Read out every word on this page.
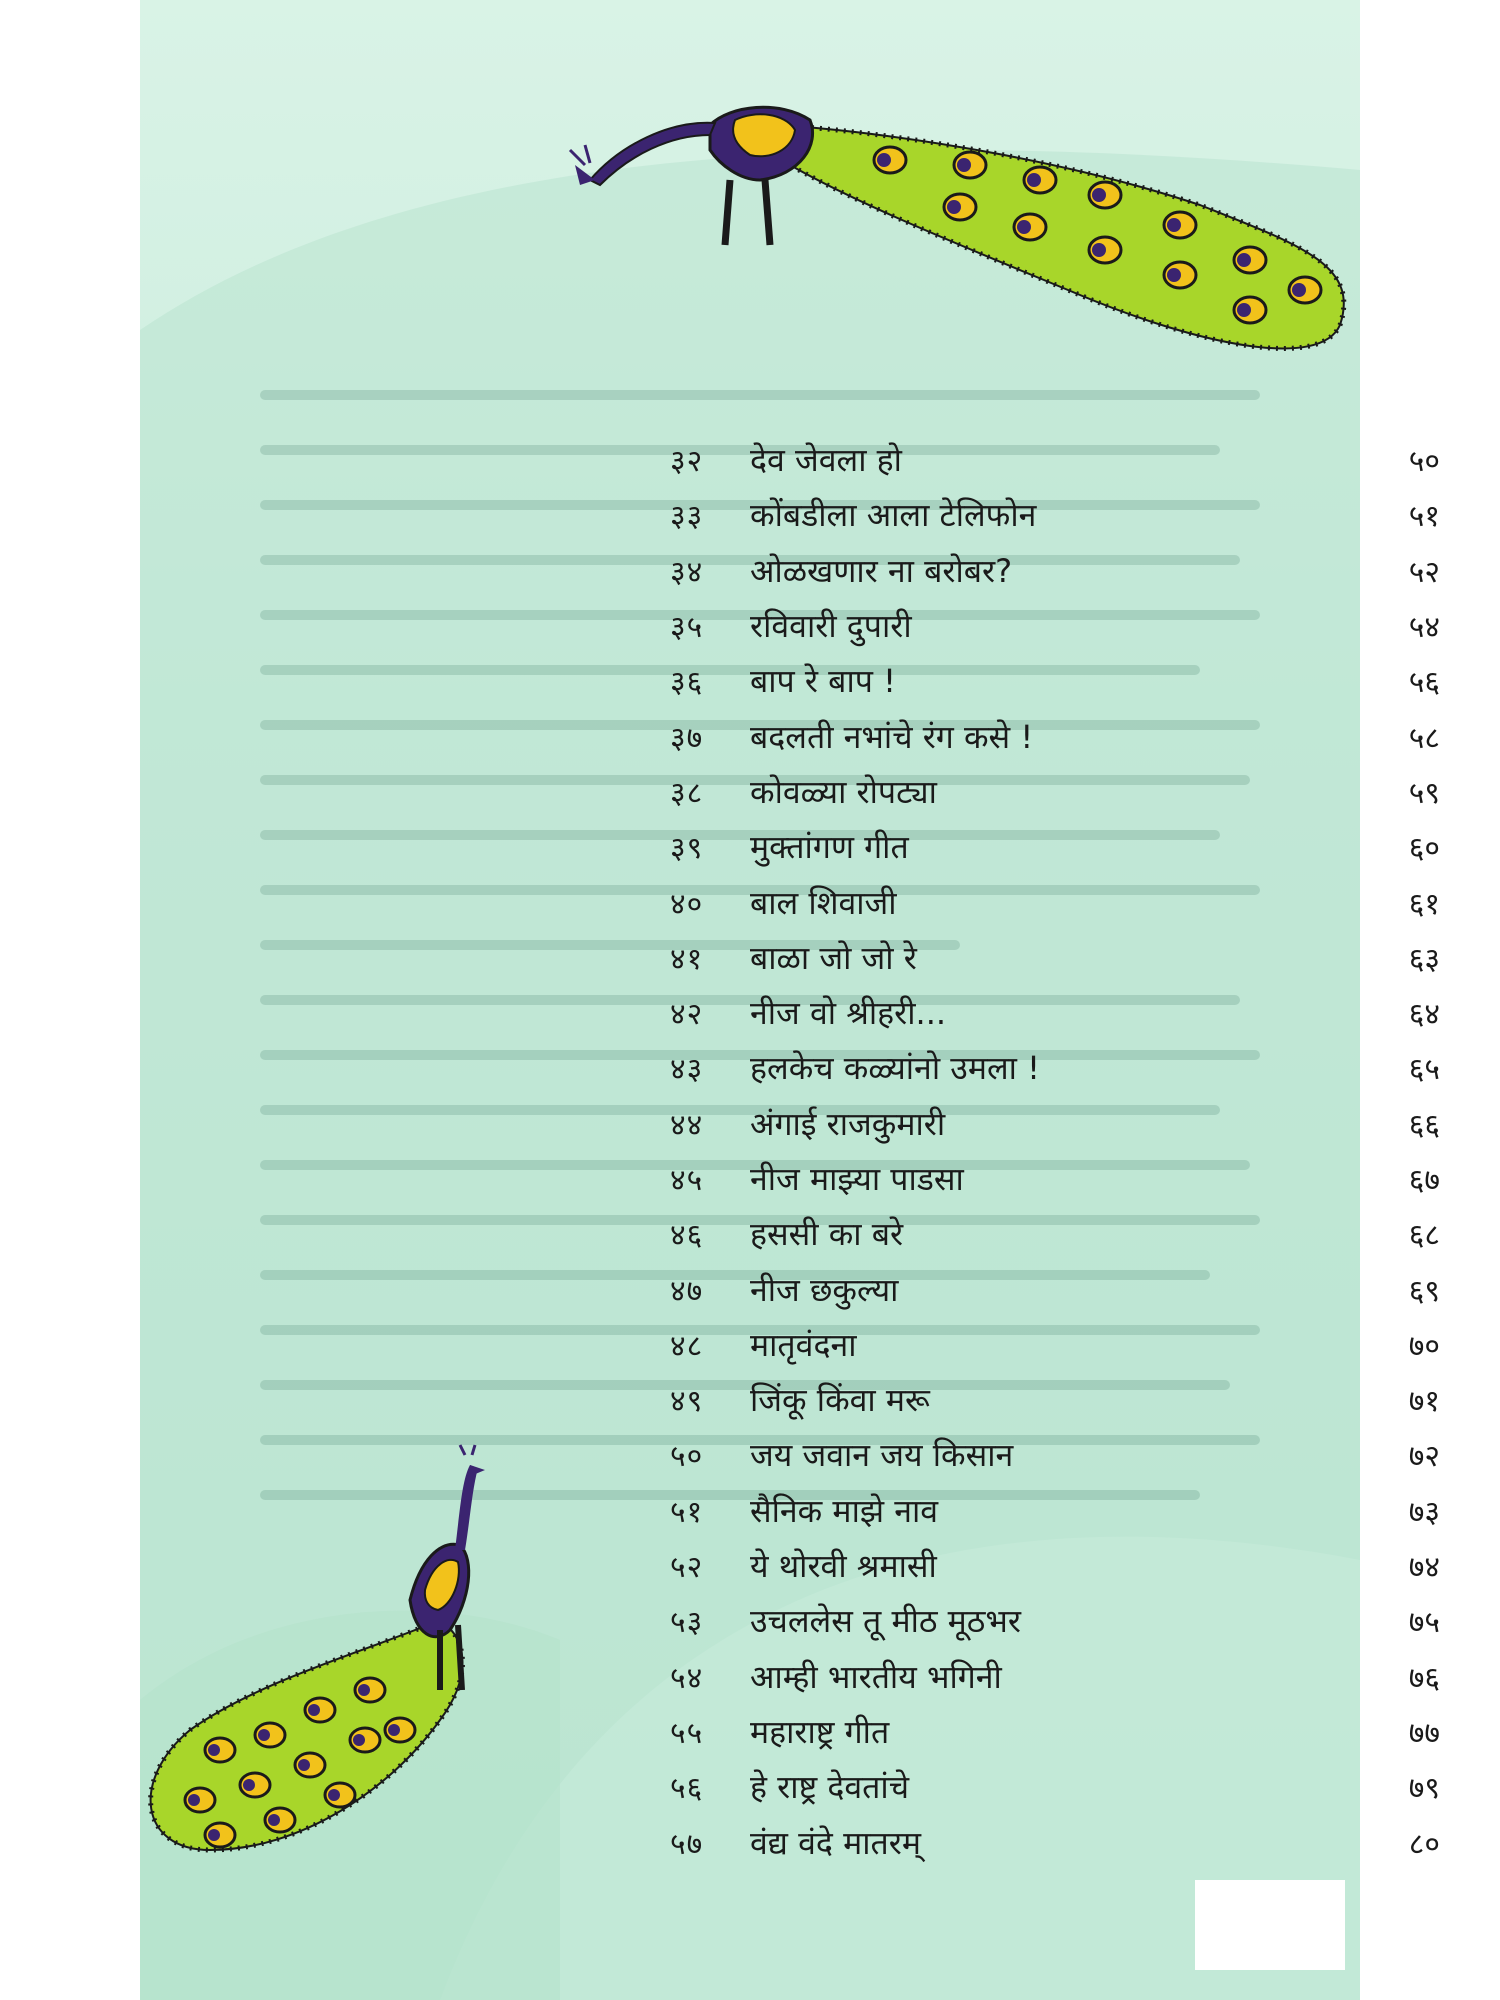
३२	देव जेवला हो	५०
३३	कोंबडीला आला टेलिफोन	५१
३४	ओळखणार ना बरोबर?	५२
३५	रविवारी दुपारी	५४
३६	बाप रे बाप !	५६
३७	बदलती नभांचे रंग कसे !	५८
३८	कोवळ्या रोपट्या	५९
३९	मुक्तांगण गीत	६०
४०	बाल शिवाजी	६१
४१	बाळा जो जो रे	६३
४२	नीज वो श्रीहरी...	६४
४३	हलकेच कळ्यांनो उमला !	६५
४४	अंगाई राजकुमारी	६६
४५	नीज माझ्या पाडसा	६७
४६	हससी का बरे	६८
४७	नीज छकुल्या	६९
४८	मातृवंदना	७०
४९	जिंकू किंवा मरू	७१
५०	जय जवान जय किसान	७२
५१	सैनिक माझे नाव	७३
५२	ये थोरवी श्रमासी	७४
५३	उचललेस तू मीठ मूठभर	७५
५४	आम्ही भारतीय भगिनी	७६
५५	महाराष्ट्र गीत	७७
५६	हे राष्ट्र देवतांचे	७९
५७	वंद्य वंदे मातरम्	८०
